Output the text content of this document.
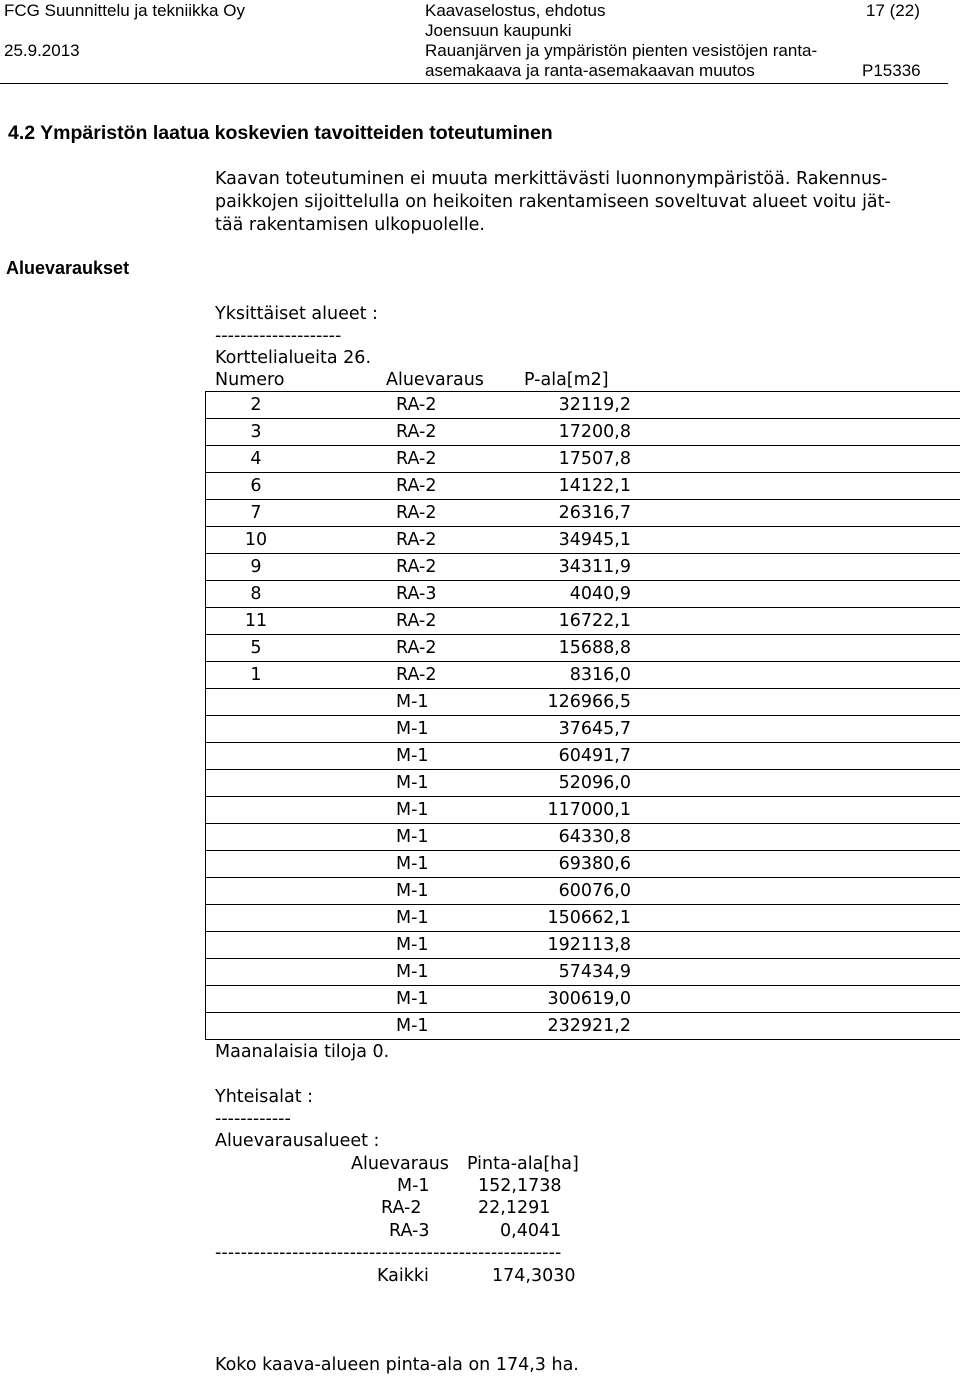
FCG Suunnittelu ja tekniikka Oy
25.9.2013
Kaavaselostus, ehdotus
Joensuun kaupunki
Rauanjärven ja ympäristön pienten vesistöjen ranta-
asemakaava ja ranta-asemakaavan muutos
17 (22)
P15336
4.2 Ympäristön laatua koskevien tavoitteiden toteutuminen
Kaavan toteutuminen ei muuta merkittävästi luonnonympäristöä. Rakennus-
paikkojen sijoittelulla on heikoiten rakentamiseen soveltuvat alueet voitu jät-
tää rakentamisen ulkopuolelle.
Aluevaraukset
Yksittäiset alueet :
--------------------
Korttelialueita 26.
Numero	Aluevaraus P-ala[m2]
2	RA-2	32119,2	
3	RA-2	17200,8	
4	RA-2	17507,8	
6	RA-2	14122,1	
7	RA-2	26316,7	
10	RA-2	34945,1	
9	RA-2	34311,9	
8	RA-3	4040,9	
11	RA-2	16722,1	
5	RA-2	15688,8	
1	RA-2	8316,0	
	M-1	126966,5	
	M-1	37645,7	
	M-1	60491,7	
	M-1	52096,0	
	M-1	117000,1	
	M-1	64330,8	
	M-1	69380,6	
	M-1	60076,0	
	M-1	150662,1	
	M-1	192113,8	
	M-1	57434,9	
	M-1	300619,0	
	M-1	232921,2	
Maanalaisia tiloja 0.
Yhteisalat :
------------
Aluevarausalueet :
Aluevaraus Pinta-ala[ha]
M-1	152,1738
RA-2	22,1291
RA-3	0,4041
------------------------------------------------------
Kaikki	174,3030
Koko kaava-alueen pinta-ala on 174,3 ha.
